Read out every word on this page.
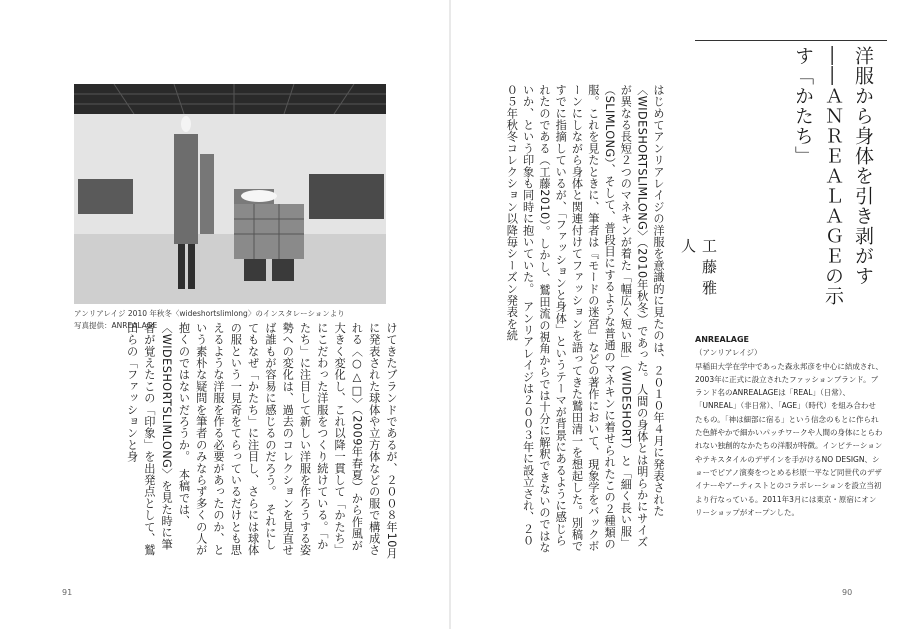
アンリアレイジ 2010 年秋冬〈wideshortslimlong〉のインスタレーションより
写真提供：ANREALAGE	けてきたブランドであるが、２００８年10月に発表された球体や立方体などの服で構成される〈○△□〉（2009年春夏）から作風が大きく変化し、これ以降一貫して「かたち」にこだわった洋服をつくり続けている。「かたち」に注目して新しい洋服を作ろうする姿勢への変化は、過去のコレクションを見直せば誰もが容易に感じるのだろう。　それにしてもなぜ「かたち」に注目し、さらには球体の服という一見奇をてらっているだけとも思えるような洋服を作る必要があったのか、という素朴な疑問を筆者のみならず多くの人が抱くのではないだろうか。　本稿では、〈WIDESHORTSLIMLONG〉を見た時に筆者が覚えたこの「印象」を出発点として、鷲田らの「ファッションと身
91
はじめてアンリアレイジの洋服を意識的に見たのは、２０１０年４月に発表された〈WIDESHORTSLIMLONG〉（2010年秋冬）であった。人間の身体とは明らかにサイズが異なる長短２つのマネキンが着た「幅広く短い服」（WIDESHORT）と「細く長い服」（SLIMLONG）、そして、普段目にするような普通のマネキンに着せられたこの２種類の服。これを見たときに、筆者は『モードの迷宮』などの著作において、現象学をバックボーンにしながら身体と関連付けてファッションを語ってきた鷲田清一を想起した。別稿ですでに指摘しているが、「ファッションと身体」というテーマが背景にあるように感じられたのである（工藤2010）。しかし、鷲田流の視角からでは十分に解釈できないのではないか、という印象も同時に抱いていた。　アンリアレイジは２００３年に設立され、２００５年秋冬コレクション以降毎シーズン発表を続	洋服から身体を引き剥がす――ＡＮＲＥＡＬＡＧＥの示す「かたち」
工藤雅人
ANREALAGE
（アンリアレイジ）
早稲田大学在学中であった森永邦彦を中心に結成され、2003年に正式に設立されたファッションブランド。ブランド名のANREALAGEは「REAL」（日常）、「UNREAL」（非日常）、「AGE」（時代）を組み合わせたもの。「神は細部に宿る」という信念のもとに作られた色鮮やかで細かいパッチワークや人間の身体にとらわれない独創的なかたちの洋服が特徴。インビテーションやテキスタイルのデザインを手がけるNO DESIGN、ショーでピアノ演奏をつとめる杉原一平など同世代のデザイナーやアーティストとのコラボレーションを設立当初より行なっている。2011年3月には東京・原宿にオンリーショップがオープンした。
90
